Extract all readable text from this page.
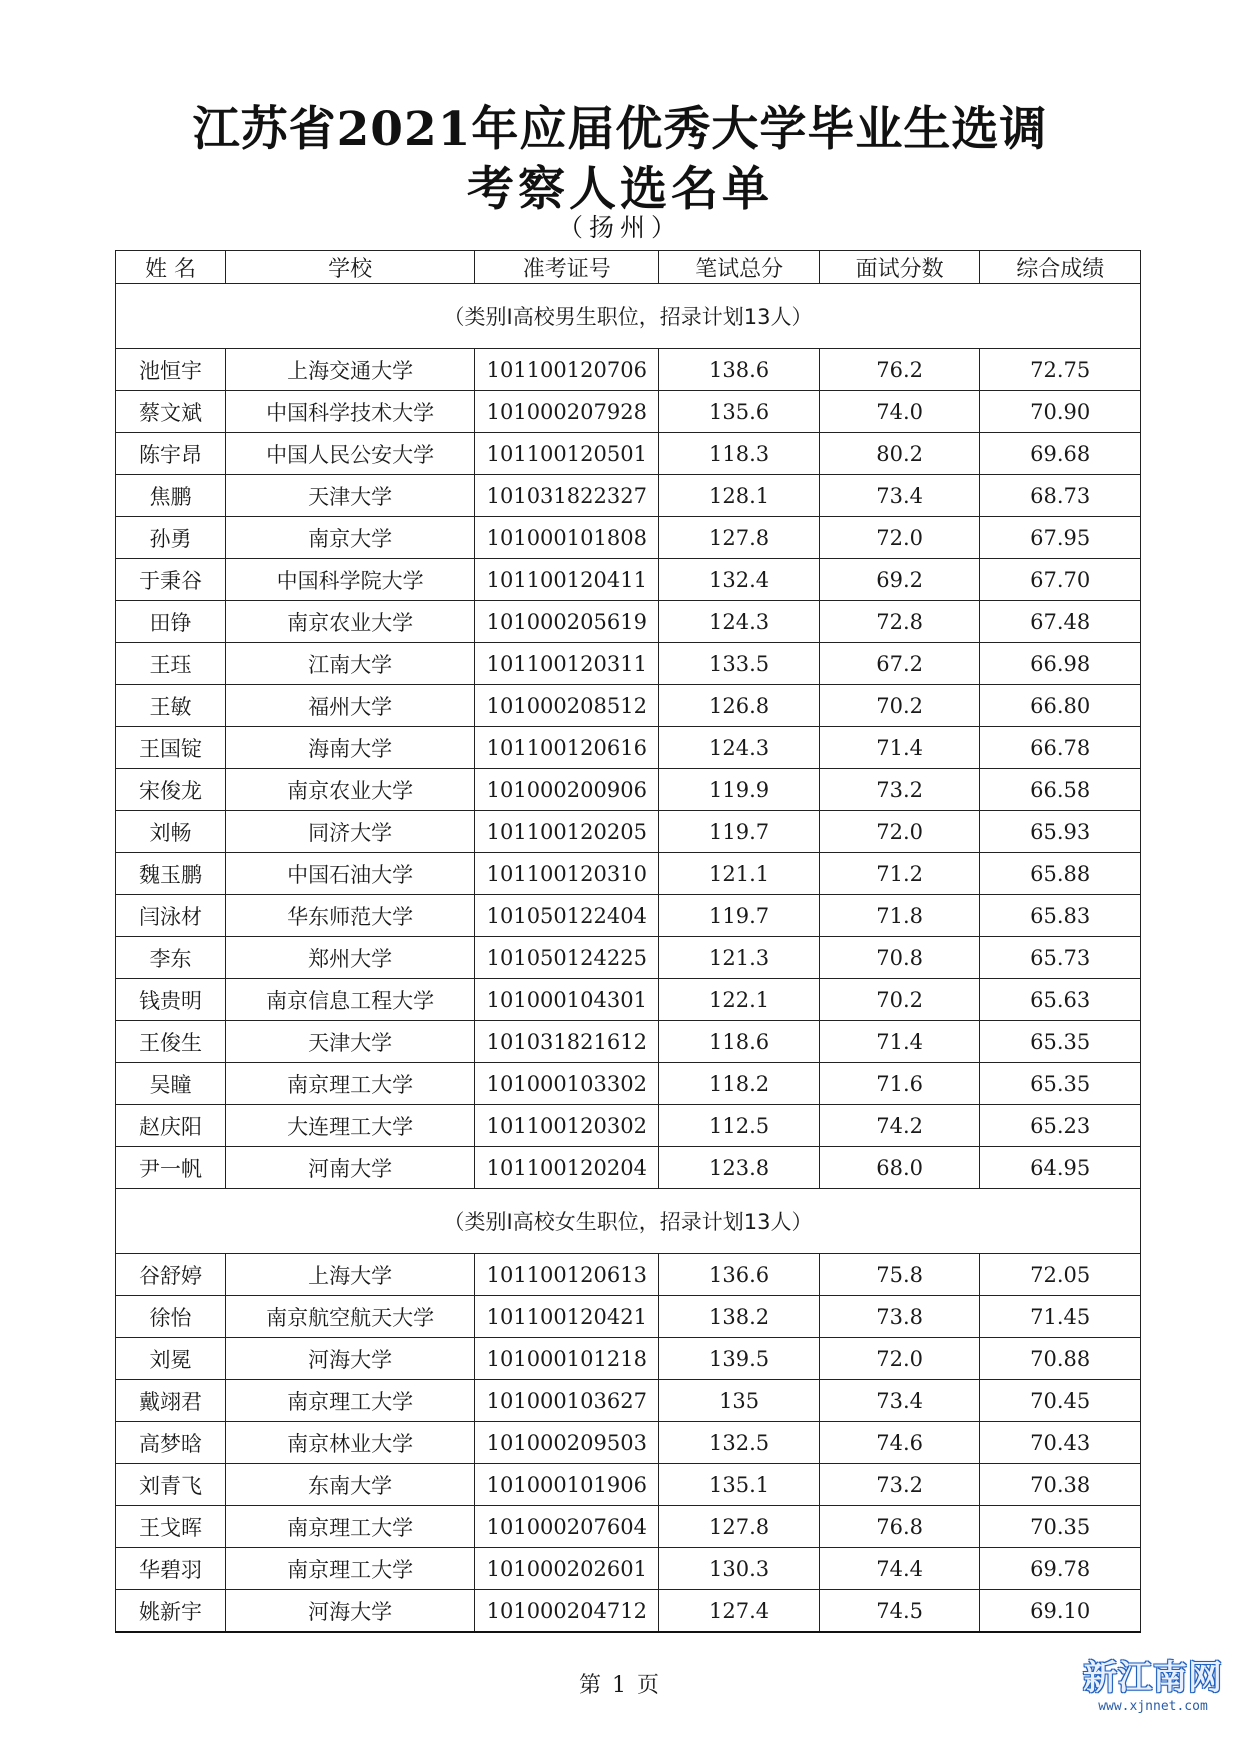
江苏省2021年应届优秀大学毕业生选调
考察人选名单
（扬州）
姓 名	学校	准考证号	笔试总分	面试分数	综合成绩
（类别Ⅰ高校男生职位，招录计划13人）					
池恒宇	上海交通大学	101100120706	138.6	76.2	72.75
蔡文斌	中国科学技术大学	101000207928	135.6	74.0	70.90
陈宇昂	中国人民公安大学	101100120501	118.3	80.2	69.68
焦鹏	天津大学	101031822327	128.1	73.4	68.73
孙勇	南京大学	101000101808	127.8	72.0	67.95
于秉谷	中国科学院大学	101100120411	132.4	69.2	67.70
田铮	南京农业大学	101000205619	124.3	72.8	67.48
王珏	江南大学	101100120311	133.5	67.2	66.98
王敏	福州大学	101000208512	126.8	70.2	66.80
王国锭	海南大学	101100120616	124.3	71.4	66.78
宋俊龙	南京农业大学	101000200906	119.9	73.2	66.58
刘畅	同济大学	101100120205	119.7	72.0	65.93
魏玉鹏	中国石油大学	101100120310	121.1	71.2	65.88
闫泳材	华东师范大学	101050122404	119.7	71.8	65.83
李东	郑州大学	101050124225	121.3	70.8	65.73
钱贵明	南京信息工程大学	101000104301	122.1	70.2	65.63
王俊生	天津大学	101031821612	118.6	71.4	65.35
吴瞳	南京理工大学	101000103302	118.2	71.6	65.35
赵庆阳	大连理工大学	101100120302	112.5	74.2	65.23
尹一帆	河南大学	101100120204	123.8	68.0	64.95
（类别Ⅰ高校女生职位，招录计划13人）					
谷舒婷	上海大学	101100120613	136.6	75.8	72.05
徐怡	南京航空航天大学	101100120421	138.2	73.8	71.45
刘冕	河海大学	101000101218	139.5	72.0	70.88
戴翊君	南京理工大学	101000103627	135	73.4	70.45
高梦晗	南京林业大学	101000209503	132.5	74.6	70.43
刘青飞	东南大学	101000101906	135.1	73.2	70.38
王戈晖	南京理工大学	101000207604	127.8	76.8	70.35
华碧羽	南京理工大学	101000202601	130.3	74.4	69.78
姚新宇	河海大学	101000204712	127.4	74.5	69.10
第 1 页	新江南网
www.xjnnet.com
